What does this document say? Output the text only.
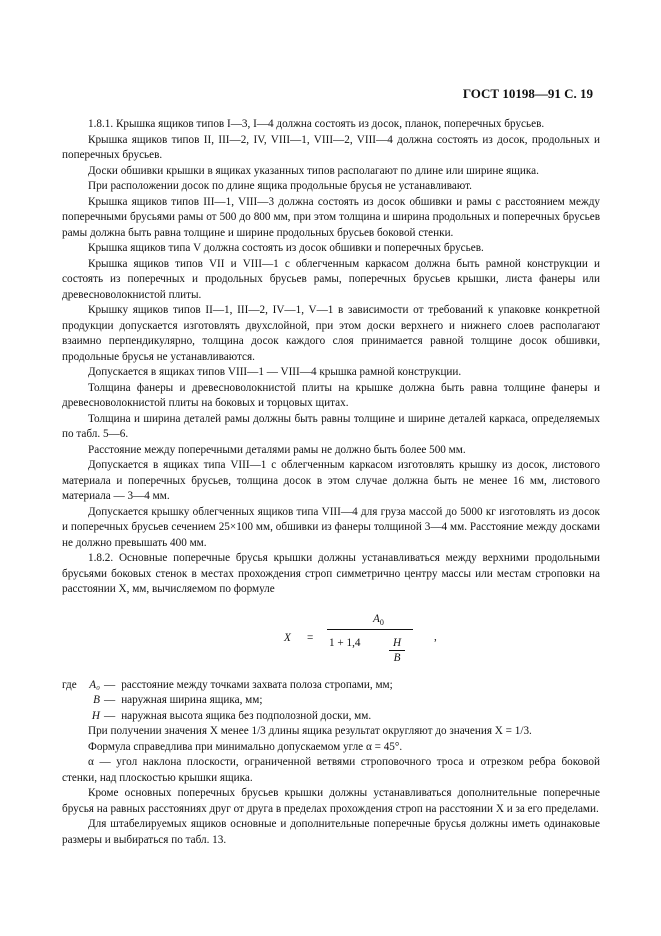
ГОСТ 10198—91 С. 19

1.8.1. Крышка ящиков типов I—3, I—4 должна состоять из досок, планок, поперечных брусьев.

Крышка ящиков типов II, III—2, IV, VIII—1, VIII—2, VIII—4 должна состоять из досок, продольных и поперечных брусьев.

Доски обшивки крышки в ящиках указанных типов располагают по длине или ширине ящика.

При расположении досок по длине ящика продольные брусья не устанавливают.

Крышка ящиков типов III—1, VIII—3 должна состоять из досок обшивки и рамы с расстоянием между поперечными брусьями рамы от 500 до 800 мм, при этом толщина и ширина продольных и поперечных брусьев рамы должна быть равна толщине и ширине продольных брусьев боковой стенки.

Крышка ящиков типа V должна состоять из досок обшивки и поперечных брусьев.

Крышка ящиков типов VII и VIII—1 с облегченным каркасом должна быть рамной конструкции и состоять из поперечных и продольных брусьев рамы, поперечных брусьев крышки, листа фанеры или древесноволокнистой плиты.

Крышку ящиков типов II—1, III—2, IV—1, V—1 в зависимости от требований к упаковке конкретной продукции допускается изготовлять двухслойной, при этом доски верхнего и нижнего слоев располагают взаимно перпендикулярно, толщина досок каждого слоя принимается равной толщине досок обшивки, продольные брусья не устанавливаются.

Допускается в ящиках типов VIII—1 — VIII—4 крышка рамной конструкции.

Толщина фанеры и древесноволокнистой плиты на крышке должна быть равна толщине фанеры и древесноволокнистой плиты на боковых и торцовых щитах.

Толщина и ширина деталей рамы должны быть равны толщине и ширине деталей каркаса, определяемых по табл. 5—6.

Расстояние между поперечными деталями рамы не должно быть более 500 мм.

Допускается в ящиках типа VIII—1 с облегченным каркасом изготовлять крышку из досок, листового материала и поперечных брусьев, толщина досок в этом случае должна быть не менее 16 мм, листового материала — 3—4 мм.

Допускается крышку облегченных ящиков типа VIII—4 для груза массой до 5000 кг изготовлять из досок и поперечных брусьев сечением 25×100 мм, обшивки из фанеры толщиной 3—4 мм. Расстояние между досками не должно превышать 400 мм.

1.8.2. Основные поперечные брусья крышки должны устанавливаться между верхними продольными брусьями боковых стенок в местах прохождения строп симметрично центру массы или местам строповки на расстоянии X, мм, вычисляемом по формуле

X =
$A_0$
1 + 1,4	$\frac{H}{B}$	,
где	A₀ — расстояние между точками захвата полоза стропами, мм;
B — наружная ширина ящика, мм;
H — наружная высота ящика без подполозной доски, мм.

При получении значения X менее 1/3 длины ящика результат округляют до значения X = 1/3.

Формула справедлива при минимально допускаемом угле α = 45°.

α — угол наклона плоскости, ограниченной ветвями строповочного троса и отрезком ребра боковой стенки, над плоскостью крышки ящика.

Кроме основных поперечных брусьев крышки должны устанавливаться дополнительные поперечные брусья на равных расстояниях друг от друга в пределах прохождения строп на расстоянии X и за его пределами.

Для штабелируемых ящиков основные и дополнительные поперечные брусья должны иметь одинаковые размеры и выбираться по табл. 13.
